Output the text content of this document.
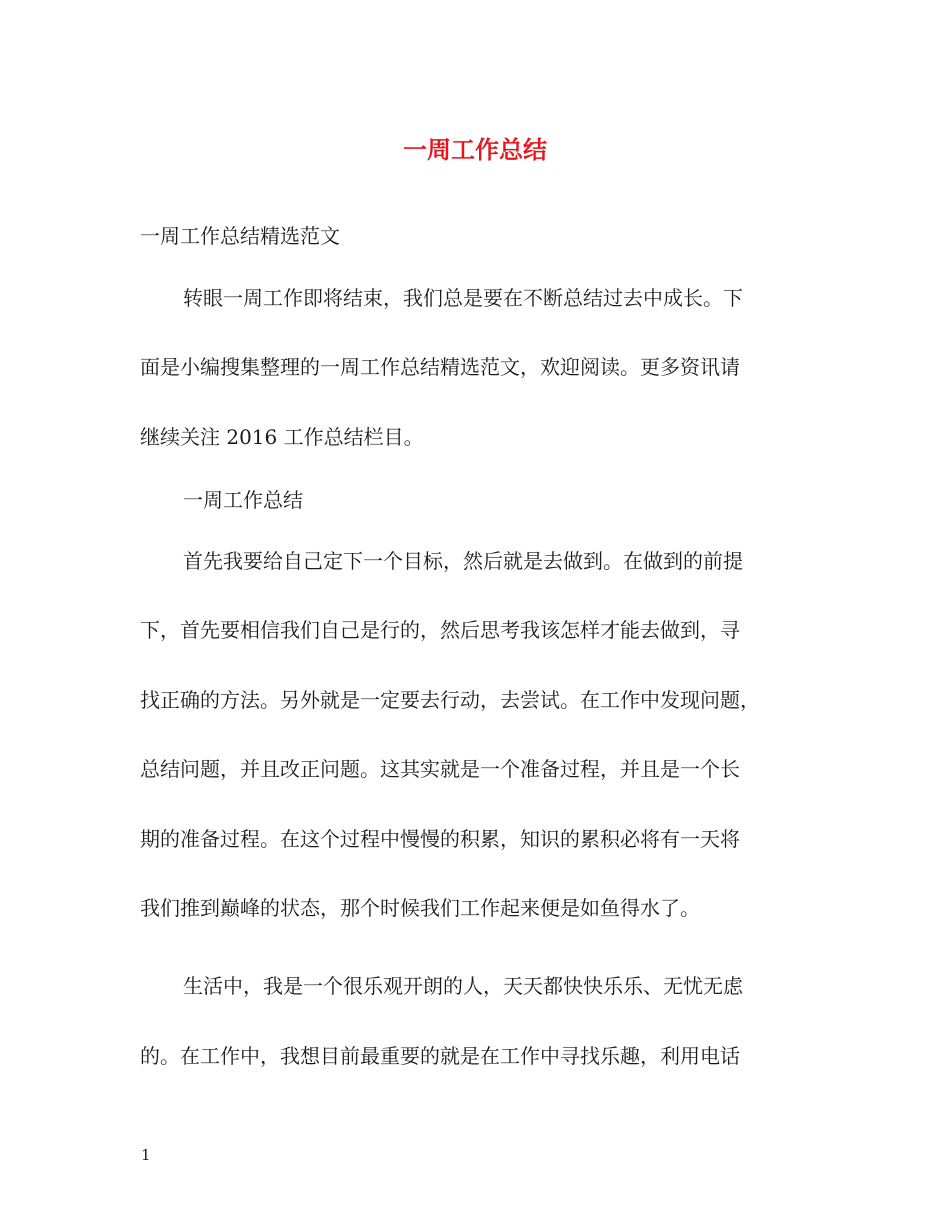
一周工作总结
一周工作总结精选范文
转眼一周工作即将结束，我们总是要在不断总结过去中成长。下
面是小编搜集整理的一周工作总结精选范文，欢迎阅读。更多资讯请
继续关注 2016 工作总结栏目。
一周工作总结
首先我要给自己定下一个目标，然后就是去做到。在做到的前提
下，首先要相信我们自己是行的，然后思考我该怎样才能去做到，寻
找正确的方法。另外就是一定要去行动，去尝试。在工作中发现问题，
总结问题，并且改正问题。这其实就是一个准备过程，并且是一个长
期的准备过程。在这个过程中慢慢的积累，知识的累积必将有一天将
我们推到巅峰的状态，那个时候我们工作起来便是如鱼得水了。
生活中，我是一个很乐观开朗的人，天天都快快乐乐、无忧无虑
的。在工作中，我想目前最重要的就是在工作中寻找乐趣，利用电话
1
